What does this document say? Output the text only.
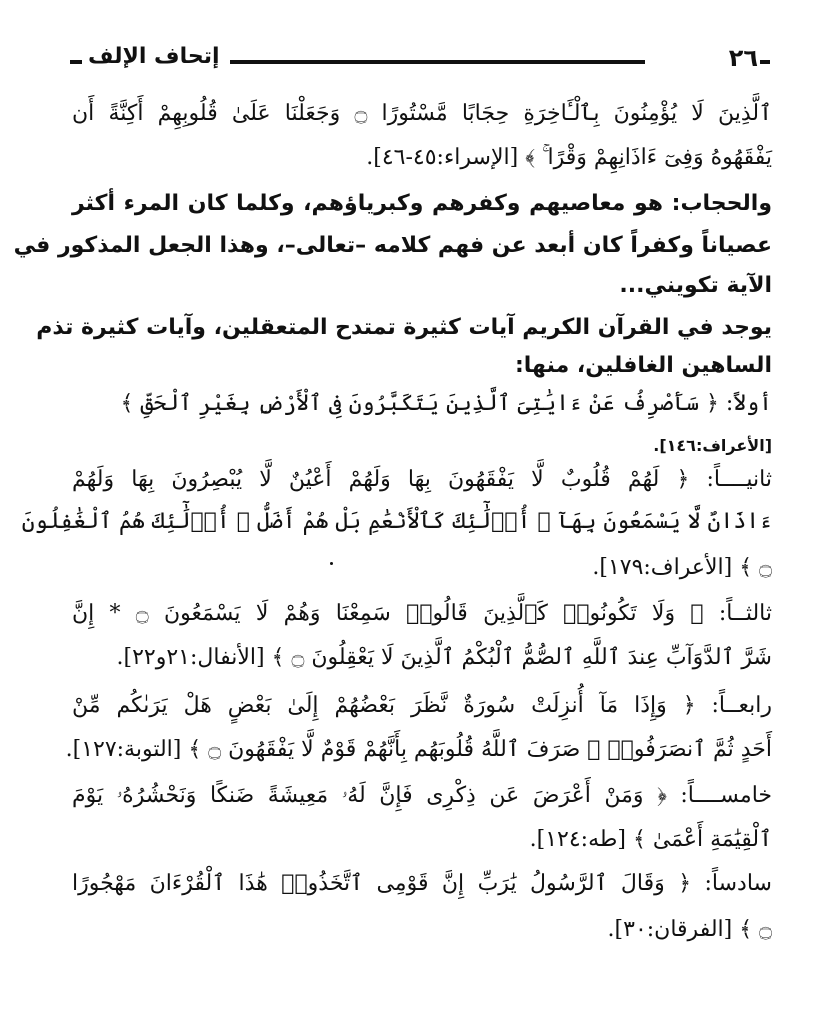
٢٦
إتحاف الإلف
ٱلَّذِينَ لَا يُؤْمِنُونَ بِٱلْـَٔاخِرَةِ حِجَابًا مَّسْتُورًا ۝ وَجَعَلْنَا عَلَىٰ قُلُوبِهِمْ أَكِنَّةً أَن
يَفْقَهُوهُ وَفِىٓ ءَاذَانِهِمْ وَقْرًا ۚ ﴾ [الإسراء:٤٥-٤٦].
والحجاب: هو معاصيهم وكفرهم وكبرياؤهم، وكلما كان المرء أكثر
عصياناً وكفراً كان أبعد عن فهم كلامه –تعالى–، وهذا الجعل المذكور في
الآية تكويني...
يوجد في القرآن الكريم آيات كثيرة تمتدح المتعقلين، وآيات كثيرة تذم
الساهين الغافلين، منها:
أولاً: ﴿ سَأَصْرِفُ عَنْ ءَايَٰتِىَ ٱلَّذِينَ يَتَكَبَّرُونَ فِى ٱلْأَرْضِ بِغَيْرِ ٱلْحَقِّ ﴾
[الأعراف:١٤٦].
ثانيــــاً: ﴿ لَهُمْ قُلُوبٌ لَّا يَفْقَهُونَ بِهَا وَلَهُمْ أَعْيُنٌ لَّا يُبْصِرُونَ بِهَا وَلَهُمْ
ءَاذَانٌ لَّا يَسْمَعُونَ بِهَآ ۚ أُو۟لَٰٓئِكَ كَٱلْأَنْعَٰمِ بَلْ هُمْ أَضَلُّ ۚ أُو۟لَٰٓئِكَ هُمُ ٱلْغَٰفِلُونَ
۝ ﴾ [الأعراف:١٧٩].
ثالثــاً: ﴿ وَلَا تَكُونُوا۟ كَٱلَّذِينَ قَالُوا۟ سَمِعْنَا وَهُمْ لَا يَسْمَعُونَ ۝ * إِنَّ
شَرَّ ٱلدَّوَآبِّ عِندَ ٱللَّهِ ٱلصُّمُّ ٱلْبُكْمُ ٱلَّذِينَ لَا يَعْقِلُونَ ۝ ﴾ [الأنفال:٢١و٢٢].
رابعــاً: ﴿ وَإِذَا مَآ أُنزِلَتْ سُورَةٌ نَّظَرَ بَعْضُهُمْ إِلَىٰ بَعْضٍ هَلْ يَرَىٰكُم مِّنْ
أَحَدٍ ثُمَّ ٱنصَرَفُوا۟ ۚ صَرَفَ ٱللَّهُ قُلُوبَهُم بِأَنَّهُمْ قَوْمٌ لَّا يَفْقَهُونَ ۝ ﴾ [التوبة:١٢٧].
خامســــاً: ﴿ وَمَنْ أَعْرَضَ عَن ذِكْرِى فَإِنَّ لَهُۥ مَعِيشَةً ضَنكًا وَنَحْشُرُهُۥ يَوْمَ
ٱلْقِيَٰمَةِ أَعْمَىٰ ﴾ [طه:١٢٤].
سادساً: ﴿ وَقَالَ ٱلرَّسُولُ يَٰرَبِّ إِنَّ قَوْمِى ٱتَّخَذُوا۟ هَٰذَا ٱلْقُرْءَانَ مَهْجُورًا
۝ ﴾ [الفرقان:٣٠].
